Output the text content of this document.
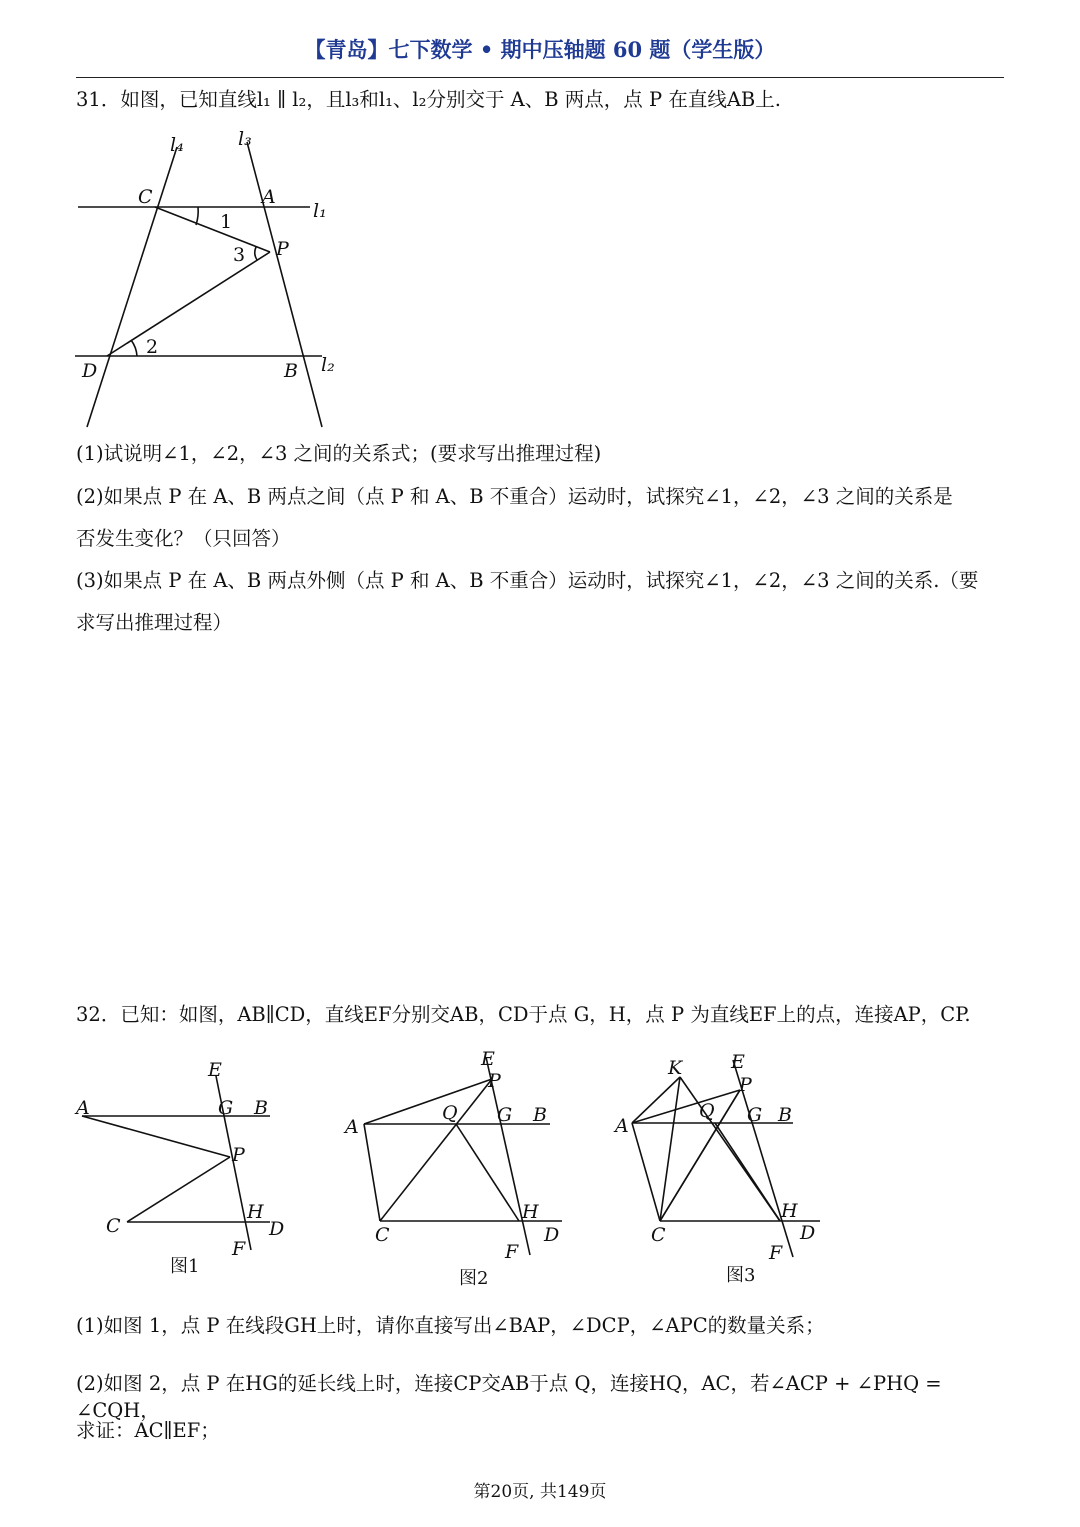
【青岛】七下数学 • 期中压轴题 60 题（学生版）
31．如图，已知直线l₁ ∥ l₂，且l₃和l₁、l₂分别交于 A、B 两点，点 P 在直线AB上.
l₄	l₃
C	A
l₁
1
3 P
2
D	B l₂
(1)试说明∠1，∠2，∠3 之间的关系式；(要求写出推理过程)
(2)如果点 P 在 A、B 两点之间（点 P 和 A、B 不重合）运动时，试探究∠1，∠2，∠3 之间的关系是
否发生变化？（只回答）
(3)如果点 P 在 A、B 两点外侧（点 P 和 A、B 不重合）运动时，试探究∠1，∠2，∠3 之间的关系.（要
求写出推理过程）
32．已知：如图，AB∥CD，直线EF分别交AB，CD于点 G，H，点 P 为直线EF上的点，连接AP，CP.
E
A	G B
P
C
H
D
F
图1
E
P
A
Q G B
H
C	D
F
图2
K	E
P
A
Q G B
H
C	D
F
图3
(1)如图 1，点 P 在线段GH上时，请你直接写出∠BAP，∠DCP，∠APC的数量关系；
(2)如图 2，点 P 在HG的延长线上时，连接CP交AB于点 Q，连接HQ，AC，若∠ACP + ∠PHQ = ∠CQH，
求证：AC∥EF；
第20页, 共149页
